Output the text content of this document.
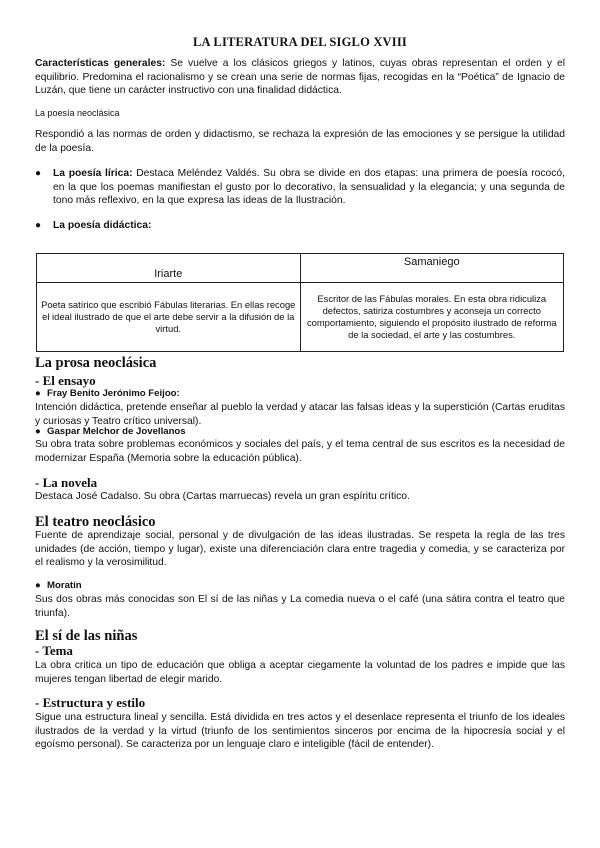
LA LITERATURA DEL SIGLO XVIII

Características generales: Se vuelve a los clásicos griegos y latinos, cuyas obras representan el orden y el equilibrio. Predomina el racionalismo y se crean una serie de normas fijas, recogidas en la “Poética” de Ignacio de Luzán, que tiene un carácter instructivo con una finalidad didáctica.

La poesía neoclásica

Respondió a las normas de orden y didactismo, se rechaza la expresión de las emociones y se persigue la utilidad de la poesía.

● La poesía lírica: Destaca Meléndez Valdés. Su obra se divide en dos etapas: una primera de poesía rococó, en la que los poemas manifiestan el gusto por lo decorativo, la sensualidad y la elegancia; y una segunda de tono más reflexivo, en la que expresa las ideas de la Ilustración.
● La poesía didáctica:
Iriarte	Samaniego
Poeta satírico que escribió Fábulas literarias. En ellas recoge el ideal ilustrado de que el arte debe servir a la difusión de la virtud.	Escritor de las Fábulas morales. En esta obra ridiculiza defectos, satiriza costumbres y aconseja un correcto comportamiento, siguiendo el propósito ilustrado de reforma de la sociedad, el arte y las costumbres.
La prosa neoclásica
- El ensayo
● Fray Benito Jerónimo Feijoo:

Intención didáctica, pretende enseñar al pueblo la verdad y atacar las falsas ideas y la superstición (Cartas eruditas y curiosas y Teatro crítico universal).

● Gaspar Melchor de Jovellanos

Su obra trata sobre problemas económicos y sociales del país, y el tema central de sus escritos es la necesidad de modernizar España (Memoria sobre la educación pública).

- La novela

Destaca José Cadalso. Su obra (Cartas marruecas) revela un gran espíritu crítico.

El teatro neoclásico

Fuente de aprendizaje social, personal y de divulgación de las ideas ilustradas. Se respeta la regla de las tres unidades (de acción, tiempo y lugar), existe una diferenciación clara entre tragedia y comedia, y se caracteriza por el realismo y la verosimilitud.

● Moratín

Sus dos obras más conocidas son El sí de las niñas y La comedia nueva o el café (una sátira contra el teatro que triunfa).

El sí de las niñas
- Tema

La obra critica un tipo de educación que obliga a aceptar ciegamente la voluntad de los padres e impide que las mujeres tengan libertad de elegir marido.

- Estructura y estilo

Sigue una estructura lineal y sencilla. Está dividida en tres actos y el desenlace representa el triunfo de los ideales ilustrados de la verdad y la virtud (triunfo de los sentimientos sinceros por encima de la hipocresía social y el egoísmo personal). Se caracteriza por un lenguaje claro e inteligible (fácil de entender).
